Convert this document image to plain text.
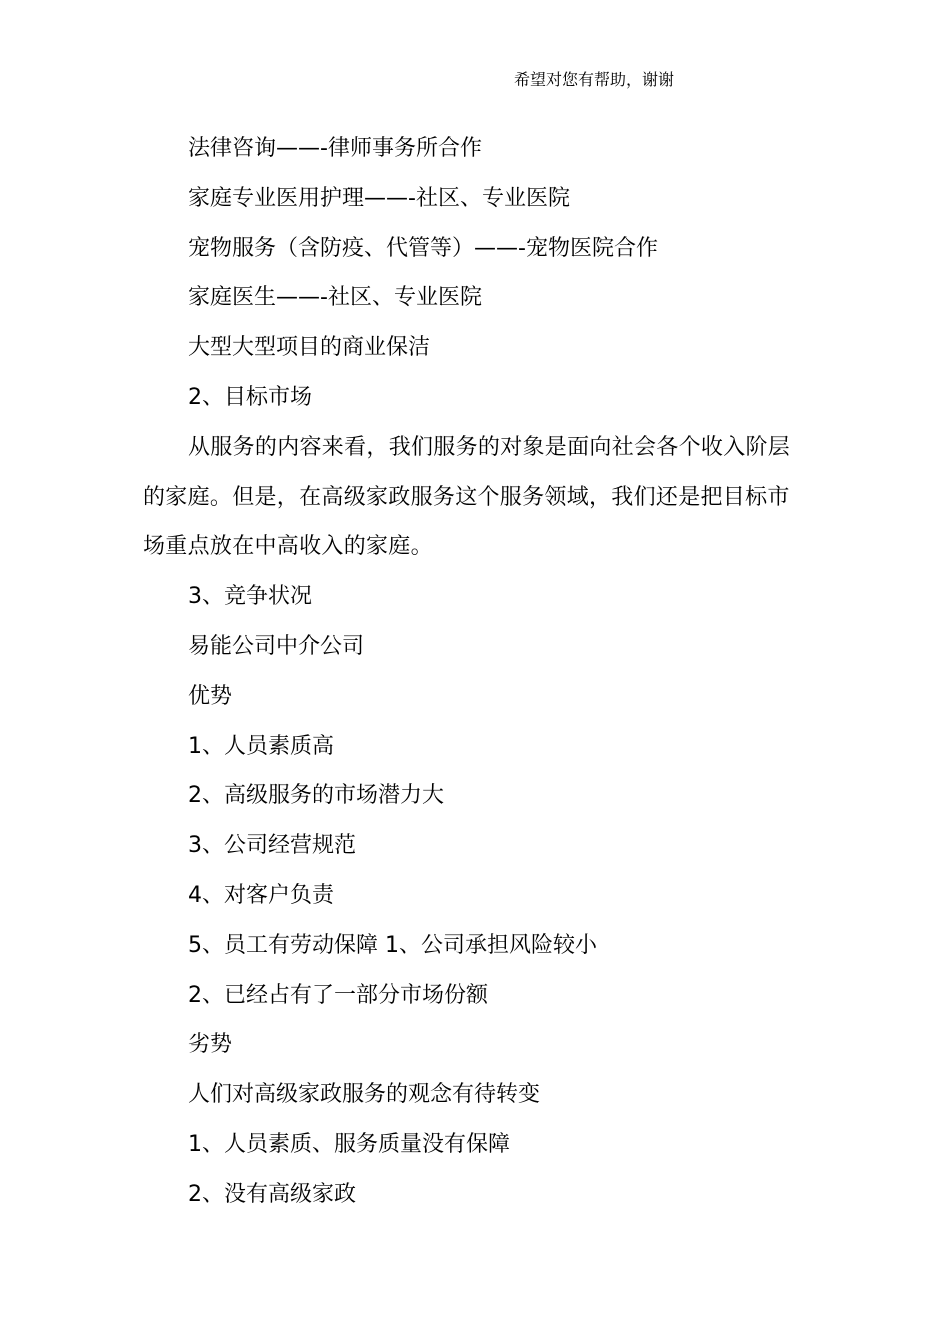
希望对您有帮助，谢谢
法律咨询——-律师事务所合作
家庭专业医用护理——-社区、专业医院
宠物服务（含防疫、代管等）——-宠物医院合作
家庭医生——-社区、专业医院
大型大型项目的商业保洁
2、目标市场

从服务的内容来看，我们服务的对象是面向社会各个收入阶层的家庭。但是，在高级家政服务这个服务领域，我们还是把目标市场重点放在中高收入的家庭。

3、竞争状况
易能公司中介公司
优势
1、人员素质高
2、高级服务的市场潜力大
3、公司经营规范
4、对客户负责
5、员工有劳动保障 1、公司承担风险较小
2、已经占有了一部分市场份额
劣势
人们对高级家政服务的观念有待转变
1、人员素质、服务质量没有保障
2、没有高级家政
